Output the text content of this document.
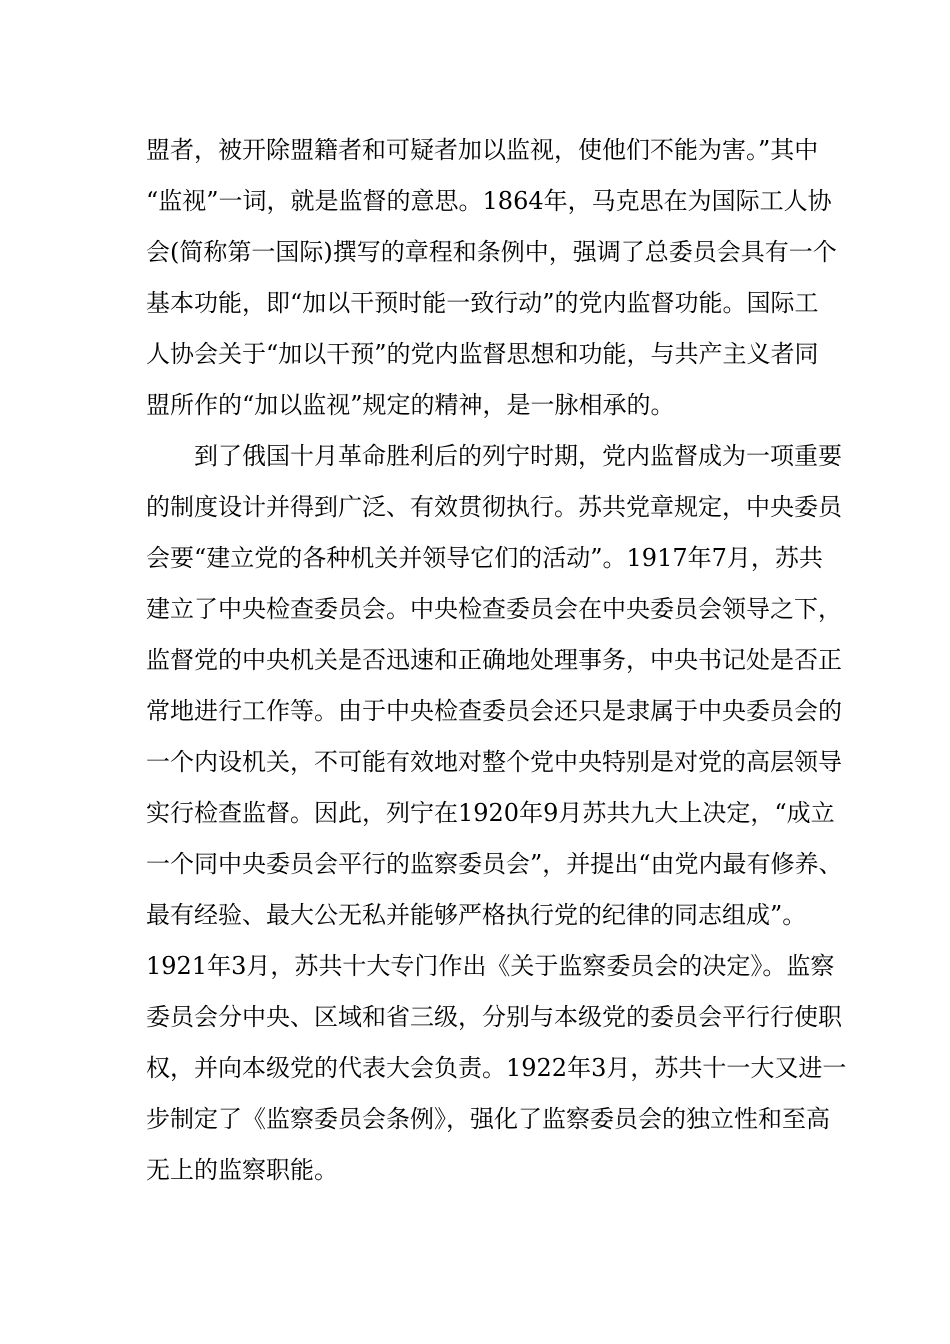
盟者，被开除盟籍者和可疑者加以监视，使他们不能为害。”其中
“监视”一词，就是监督的意思。1864年，马克思在为国际工人协
会(简称第一国际)撰写的章程和条例中，强调了总委员会具有一个
基本功能，即“加以干预时能一致行动”的党内监督功能。国际工
人协会关于“加以干预”的党内监督思想和功能，与共产主义者同
盟所作的“加以监视”规定的精神，是一脉相承的。
　　到了俄国十月革命胜利后的列宁时期，党内监督成为一项重要
的制度设计并得到广泛、有效贯彻执行。苏共党章规定，中央委员
会要“建立党的各种机关并领导它们的活动”。1917年7月，苏共
建立了中央检查委员会。中央检查委员会在中央委员会领导之下，
监督党的中央机关是否迅速和正确地处理事务，中央书记处是否正
常地进行工作等。由于中央检查委员会还只是隶属于中央委员会的
一个内设机关，不可能有效地对整个党中央特别是对党的高层领导
实行检查监督。因此，列宁在1920年9月苏共九大上决定，“成立
一个同中央委员会平行的监察委员会”，并提出“由党内最有修养、
最有经验、最大公无私并能够严格执行党的纪律的同志组成”。
1921年3月，苏共十大专门作出《关于监察委员会的决定》。监察
委员会分中央、区域和省三级，分别与本级党的委员会平行行使职
权，并向本级党的代表大会负责。1922年3月，苏共十一大又进一
步制定了《监察委员会条例》，强化了监察委员会的独立性和至高
无上的监察职能。
